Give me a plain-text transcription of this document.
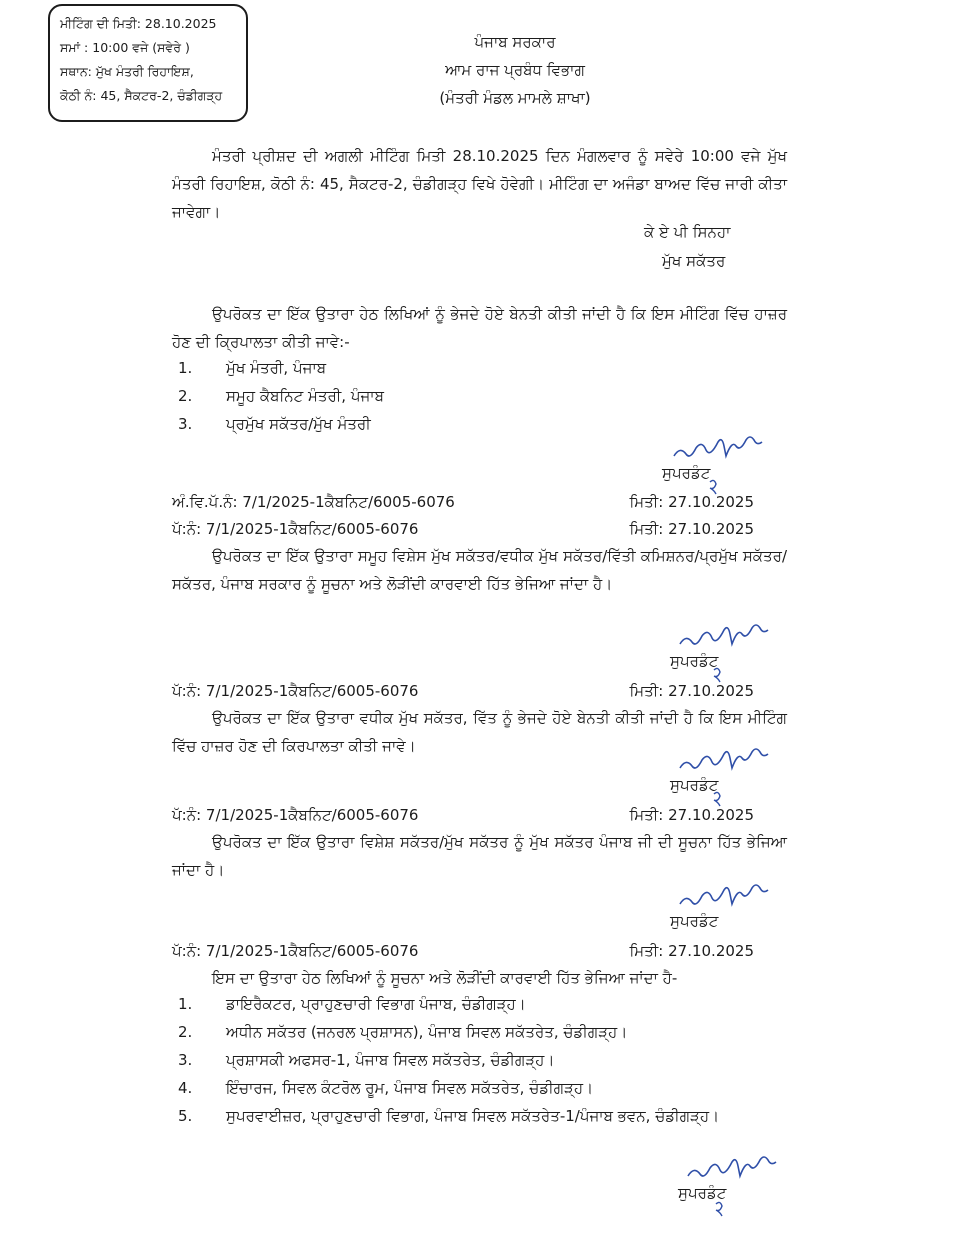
ਮੀਟਿੰਗ ਦੀ ਮਿਤੀ: 28.10.2025
ਸਮਾਂ : 10:00 ਵਜੇ (ਸਵੇਰੇ )
ਸਥਾਨ: ਮੁੱਖ ਮੰਤਰੀ ਰਿਹਾਇਸ਼,
ਕੋਠੀ ਨੰ: 45, ਸੈਕਟਰ-2, ਚੰਡੀਗੜ੍ਹ
ਪੰਜਾਬ ਸਰਕਾਰ
ਆਮ ਰਾਜ ਪ੍ਰਬੰਧ ਵਿਭਾਗ
(ਮੰਤਰੀ ਮੰਡਲ ਮਾਮਲੇ ਸ਼ਾਖਾ)
ਮੰਤਰੀ ਪ੍ਰੀਸ਼ਦ ਦੀ ਅਗਲੀ ਮੀਟਿੰਗ ਮਿਤੀ 28.10.2025 ਦਿਨ ਮੰਗਲਵਾਰ ਨੂੰ ਸਵੇਰੇ 10:00 ਵਜੇ ਮੁੱਖ ਮੰਤਰੀ ਰਿਹਾਇਸ਼, ਕੋਠੀ ਨੰ: 45, ਸੈਕਟਰ-2, ਚੰਡੀਗੜ੍ਹ ਵਿਖੇ ਹੋਵੇਗੀ। ਮੀਟਿੰਗ ਦਾ ਅਜੰਡਾ ਬਾਅਦ ਵਿੱਚ ਜਾਰੀ ਕੀਤਾ ਜਾਵੇਗਾ।
ਕੇ ਏ ਪੀ ਸਿਨਹਾ
ਮੁੱਖ ਸਕੱਤਰ
ਉਪਰੋਕਤ ਦਾ ਇੱਕ ਉਤਾਰਾ ਹੇਠ ਲਿਖਿਆਂ ਨੂੰ ਭੇਜਦੇ ਹੋਏ ਬੇਨਤੀ ਕੀਤੀ ਜਾਂਦੀ ਹੈ ਕਿ ਇਸ ਮੀਟਿੰਗ ਵਿੱਚ ਹਾਜ਼ਰ ਹੋਣ ਦੀ ਕ੍ਰਿਪਾਲਤਾ ਕੀਤੀ ਜਾਵੇ:-
1. ਮੁੱਖ ਮੰਤਰੀ, ਪੰਜਾਬ
2. ਸਮੂਹ ਕੈਬਨਿਟ ਮੰਤਰੀ, ਪੰਜਾਬ
3. ਪ੍ਰਮੁੱਖ ਸਕੱਤਰ/ਮੁੱਖ ਮੰਤਰੀ
ਸੁਪਰਡੰਟ
ਅੰ.ਵਿ.ਪੱ.ਨੰ: 7/1/2025-1ਕੈਬਨਿਟ/6005-6076	ਮਿਤੀ: 27.10.2025
ਪੱ:ਨੰ: 7/1/2025-1ਕੈਬਨਿਟ/6005-6076	ਮਿਤੀ: 27.10.2025
ਉਪਰੋਕਤ ਦਾ ਇੱਕ ਉਤਾਰਾ ਸਮੂਹ ਵਿਸ਼ੇਸ ਮੁੱਖ ਸਕੱਤਰ/ਵਧੀਕ ਮੁੱਖ ਸਕੱਤਰ/ਵਿੱਤੀ ਕਮਿਸ਼ਨਰ/ਪ੍ਰਮੁੱਖ ਸਕੱਤਰ/ਸਕੱਤਰ, ਪੰਜਾਬ ਸਰਕਾਰ ਨੂੰ ਸੂਚਨਾ ਅਤੇ ਲੋੜੀਂਦੀ ਕਾਰਵਾਈ ਹਿੱਤ ਭੇਜਿਆ ਜਾਂਦਾ ਹੈ।
ਸੁਪਰਡੰਟ
ਪੱ:ਨੰ: 7/1/2025-1ਕੈਬਨਿਟ/6005-6076	ਮਿਤੀ: 27.10.2025
ਉਪਰੋਕਤ ਦਾ ਇੱਕ ਉਤਾਰਾ ਵਧੀਕ ਮੁੱਖ ਸਕੱਤਰ, ਵਿੱਤ ਨੂੰ ਭੇਜਦੇ ਹੋਏ ਬੇਨਤੀ ਕੀਤੀ ਜਾਂਦੀ ਹੈ ਕਿ ਇਸ ਮੀਟਿੰਗ ਵਿੱਚ ਹਾਜ਼ਰ ਹੋਣ ਦੀ ਕਿਰਪਾਲਤਾ ਕੀਤੀ ਜਾਵੇ।
ਸੁਪਰਡੰਟ
ਪੱ:ਨੰ: 7/1/2025-1ਕੈਬਨਿਟ/6005-6076	ਮਿਤੀ: 27.10.2025
ਉਪਰੋਕਤ ਦਾ ਇੱਕ ਉਤਾਰਾ ਵਿਸ਼ੇਸ਼ ਸਕੱਤਰ/ਮੁੱਖ ਸਕੱਤਰ ਨੂੰ ਮੁੱਖ ਸਕੱਤਰ ਪੰਜਾਬ ਜੀ ਦੀ ਸੂਚਨਾ ਹਿੱਤ ਭੇਜਿਆ ਜਾਂਦਾ ਹੈ।
ਸੁਪਰਡੰਟ
ਪੱ:ਨੰ: 7/1/2025-1ਕੈਬਨਿਟ/6005-6076	ਮਿਤੀ: 27.10.2025
ਇਸ ਦਾ ਉਤਾਰਾ ਹੇਠ ਲਿਖਿਆਂ ਨੂੰ ਸੂਚਨਾ ਅਤੇ ਲੋੜੀਂਦੀ ਕਾਰਵਾਈ ਹਿੱਤ ਭੇਜਿਆ ਜਾਂਦਾ ਹੈ-
1. ਡਾਇਰੈਕਟਰ, ਪ੍ਰਾਹੁਣਚਾਰੀ ਵਿਭਾਗ ਪੰਜਾਬ, ਚੰਡੀਗੜ੍ਹ।
2. ਅਧੀਨ ਸਕੱਤਰ (ਜਨਰਲ ਪ੍ਰਸ਼ਾਸਨ), ਪੰਜਾਬ ਸਿਵਲ ਸਕੱਤਰੇਤ, ਚੰਡੀਗੜ੍ਹ।
3. ਪ੍ਰਸ਼ਾਸਕੀ ਅਫਸਰ-1, ਪੰਜਾਬ ਸਿਵਲ ਸਕੱਤਰੇਤ, ਚੰਡੀਗੜ੍ਹ।
4. ਇੰਚਾਰਜ, ਸਿਵਲ ਕੰਟਰੋਲ ਰੂਮ, ਪੰਜਾਬ ਸਿਵਲ ਸਕੱਤਰੇਤ, ਚੰਡੀਗੜ੍ਹ।
5. ਸੁਪਰਵਾਈਜ਼ਰ, ਪ੍ਰਾਹੁਣਚਾਰੀ ਵਿਭਾਗ, ਪੰਜਾਬ ਸਿਵਲ ਸਕੱਤਰੇਤ-1/ਪੰਜਾਬ ਭਵਨ, ਚੰਡੀਗੜ੍ਹ।
ਸੁਪਰਡੰਟ
